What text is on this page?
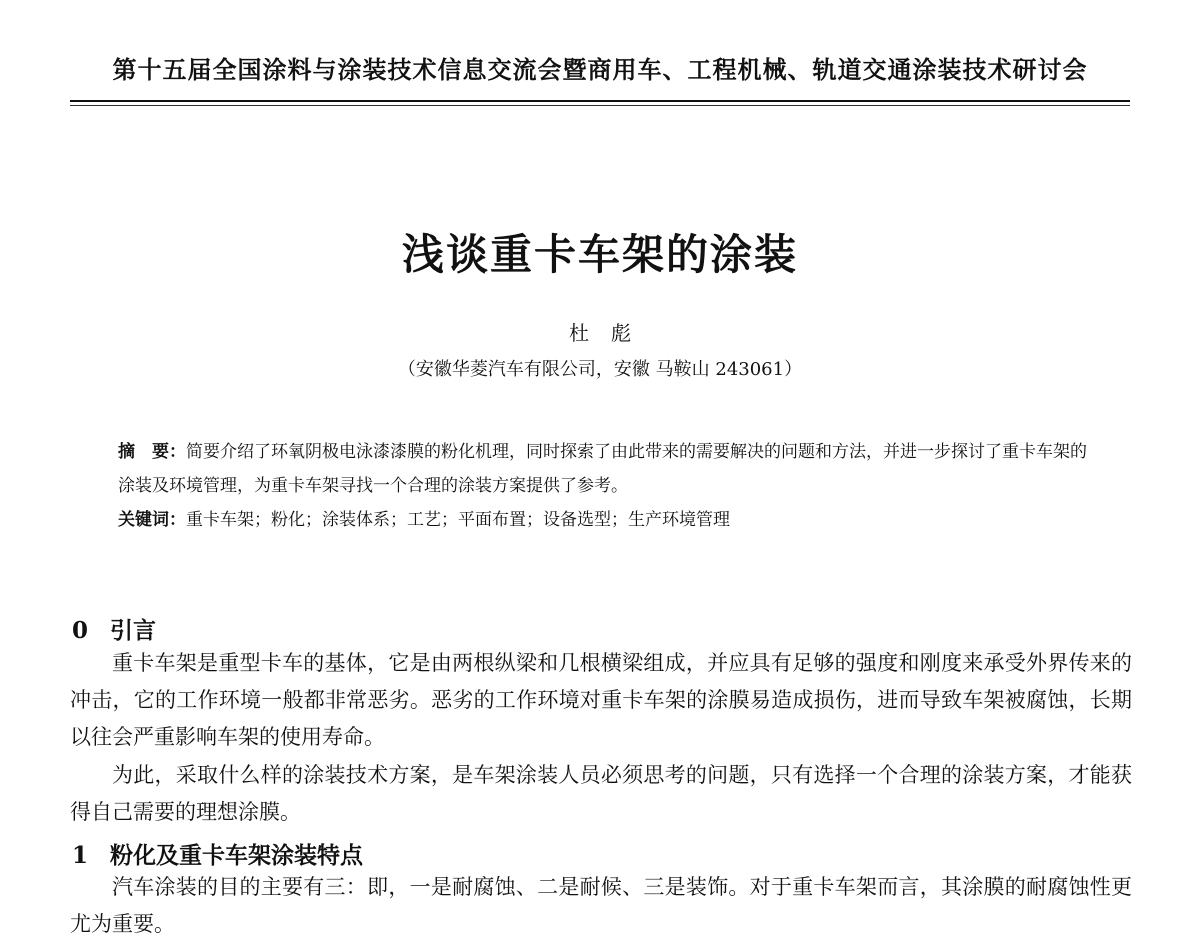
第十五届全国涂料与涂装技术信息交流会暨商用车、工程机械、轨道交通涂装技术研讨会
浅谈重卡车架的涂装
杜彪
（安徽华菱汽车有限公司，安徽 马鞍山 243061）
摘　要：简要介绍了环氧阴极电泳漆漆膜的粉化机理，同时探索了由此带来的需要解决的问题和方法，并进一步探讨了重卡车架的涂装及环境管理，为重卡车架寻找一个合理的涂装方案提供了参考。
关键词：重卡车架；粉化；涂装体系；工艺；平面布置；设备选型；生产环境管理
0 引言
重卡车架是重型卡车的基体，它是由两根纵梁和几根横梁组成，并应具有足够的强度和刚度来承受外界传来的冲击，它的工作环境一般都非常恶劣。恶劣的工作环境对重卡车架的涂膜易造成损伤，进而导致车架被腐蚀，长期以往会严重影响车架的使用寿命。
为此，采取什么样的涂装技术方案，是车架涂装人员必须思考的问题，只有选择一个合理的涂装方案，才能获得自己需要的理想涂膜。
1 粉化及重卡车架涂装特点
汽车涂装的目的主要有三：即，一是耐腐蚀、二是耐候、三是装饰。对于重卡车架而言，其涂膜的耐腐蚀性更尤为重要。
